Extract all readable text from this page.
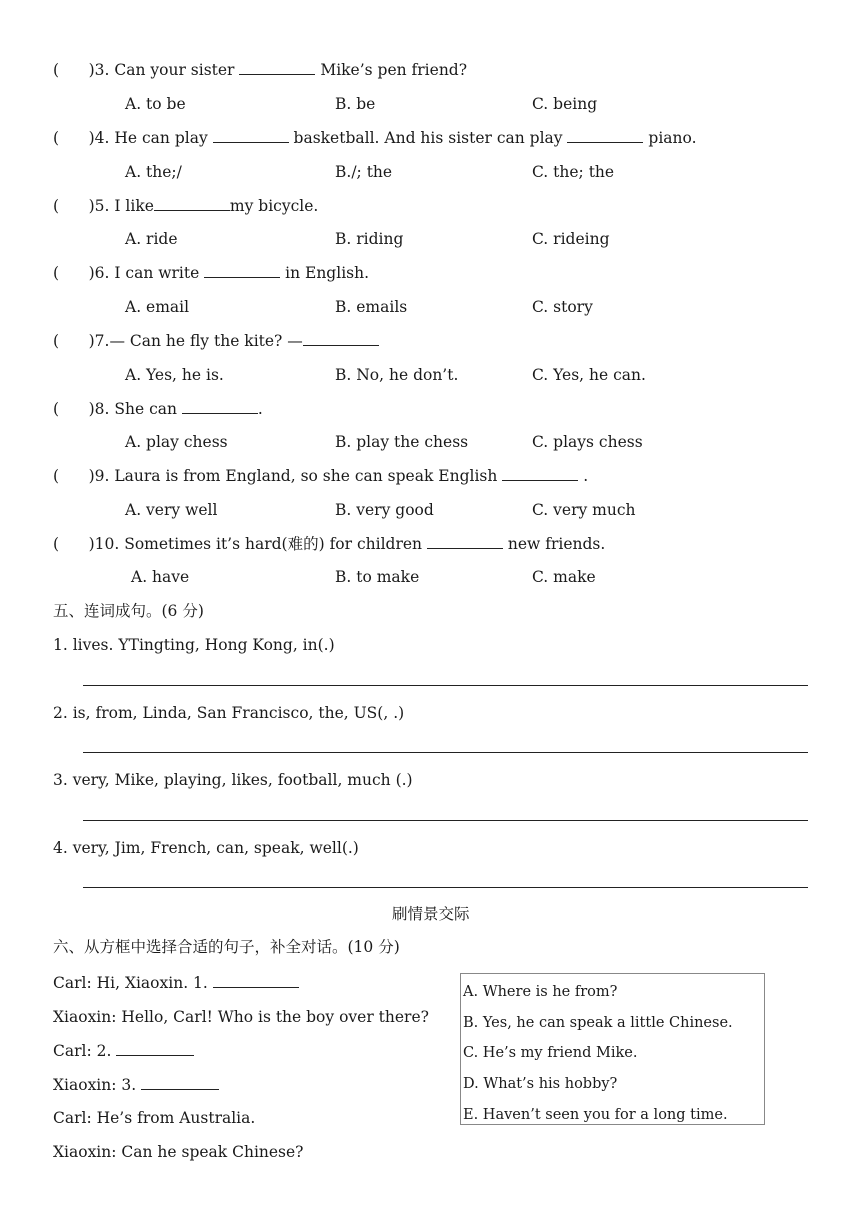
(      )3. Can your sister	Mike’s pen friend?
A. to be	B. be	C. being
(      )4. He can play	basketball. And his sister can play	piano.
A. the;/	B./; the	C. the; the
(      )5. I like	my bicycle.
A. ride	B. riding	C. rideing
(      )6. I can write	in English.
A. email	B. emails	C. story
(      )7.— Can he fly the kite? —
A. Yes, he is.	B. No, he don’t.	C. Yes, he can.
(      )8. She can	.
A. play chess	B. play the chess	C. plays chess
(      )9. Laura is from England, so she can speak English	.
A. very well	B. very good	C. very much
(      )10. Sometimes it’s hard(难的) for children	new friends.
A. have	B. to make	C. make
五、连词成句。(6 分)
1. lives. YTingting, Hong Kong, in(.)
2. is, from, Linda, San Francisco, the, US(, .)
3. very, Mike, playing, likes, football, much (.)
4. very, Jim, French, can, speak, well(.)
刷情景交际
六、从方框中选择合适的句子，补全对话。(10 分)
Carl: Hi, Xiaoxin. 1.
Xiaoxin: Hello, Carl! Who is the boy over there?
Carl: 2.
Xiaoxin: 3.
Carl: He’s from Australia.
Xiaoxin: Can he speak Chinese?
A. Where is he from?
B. Yes, he can speak a little Chinese.
C. He’s my friend Mike.
D. What’s his hobby?
E. Haven’t seen you for a long time.
